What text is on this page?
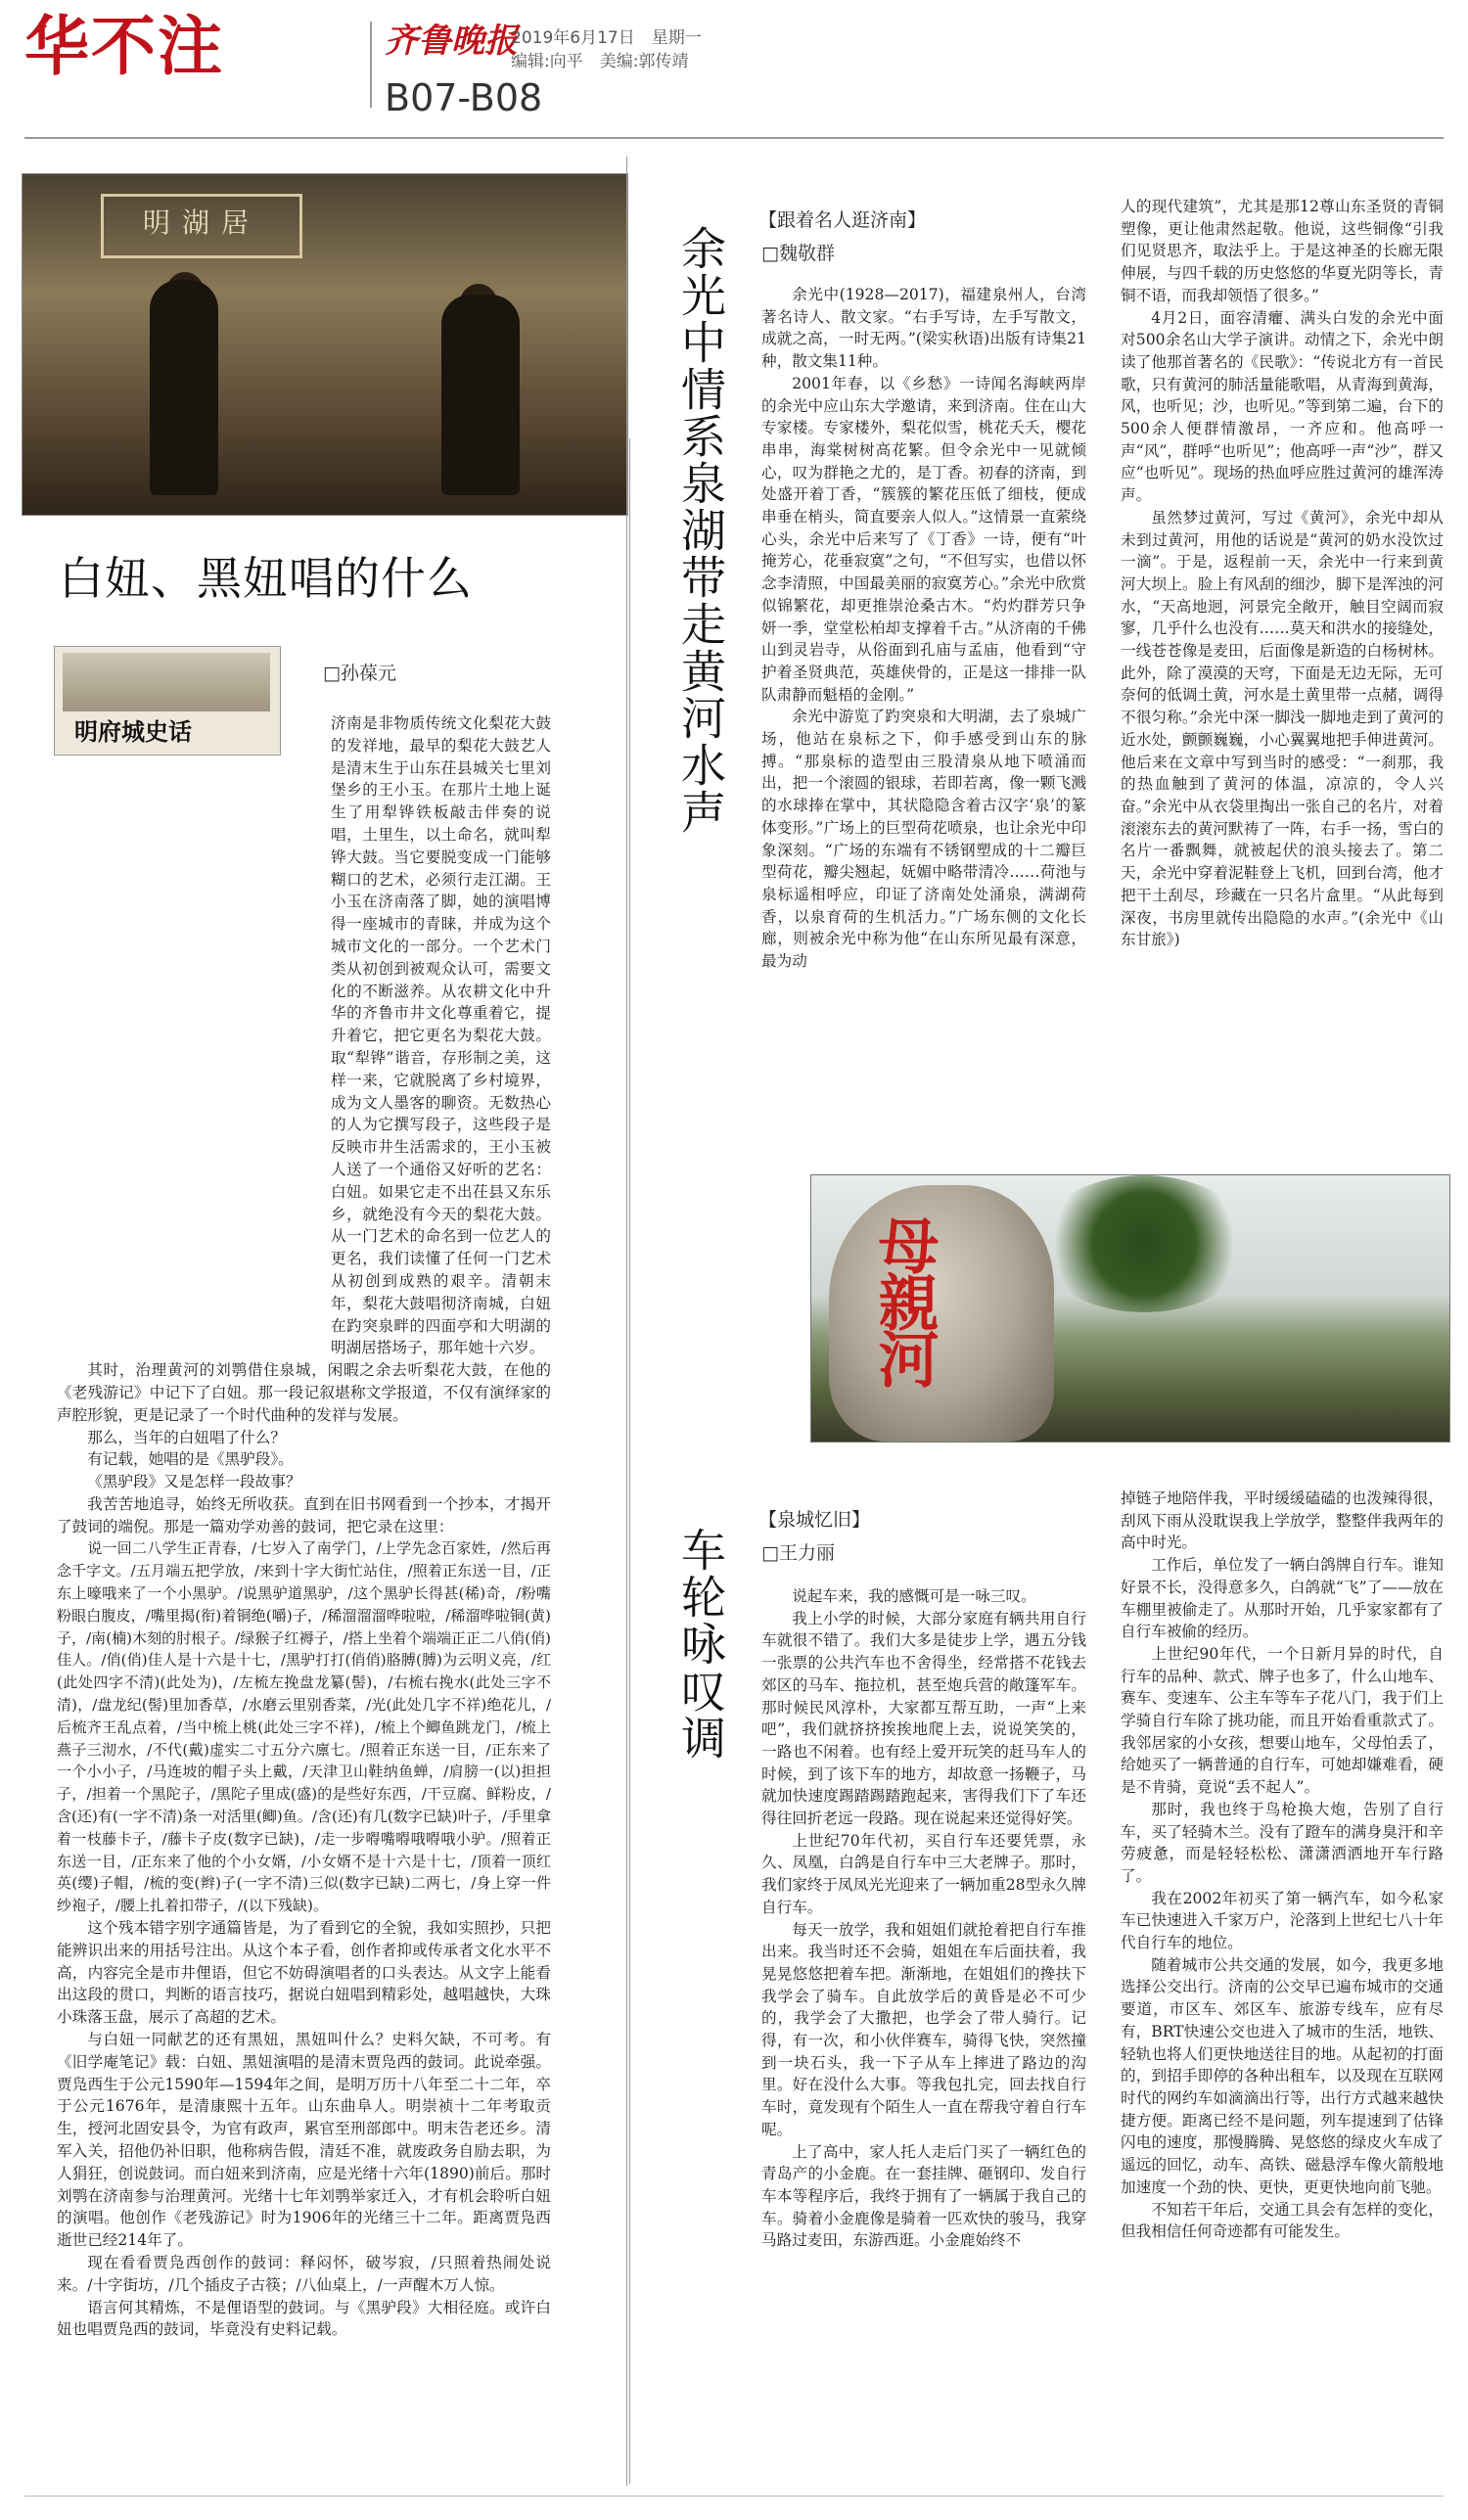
华不注	齐鲁晚报
2019年6月17日　星期一
编辑:向平　美编:郭传靖
B07-B08
明湖居
白妞、黑妞唱的什么
明府城史话
□孙葆元

济南是非物质传统文化梨花大鼓的发祥地，最早的梨花大鼓艺人是清末生于山东茌县城关七里刘堡乡的王小玉。在那片土地上诞生了用犁铧铁板敲击伴奏的说唱，土里生，以土命名，就叫犁铧大鼓。当它要脱变成一门能够糊口的艺术，必须行走江湖。王小玉在济南落了脚，她的演唱博得一座城市的青睐，并成为这个城市文化的一部分。一个艺术门类从初创到被观众认可，需要文化的不断滋养。从农耕文化中升华的齐鲁市井文化尊重着它，提升着它，把它更名为梨花大鼓。取“犁铧”谐音，存形制之美，这样一来，它就脱离了乡村境界，成为文人墨客的聊资。无数热心的人为它撰写段子，这些段子是反映市井生活需求的，王小玉被人送了一个通俗又好听的艺名：白妞。如果它走不出茌县又东乐乡，就绝没有今天的梨花大鼓。从一门艺术的命名到一位艺人的更名，我们读懂了任何一门艺术从初创到成熟的艰辛。清朝末年，梨花大鼓唱彻济南城，白妞在趵突泉畔的四面亭和大明湖的明湖居搭场子，那年她十六岁。

其时，治理黄河的刘鹗借住泉城，闲暇之余去听梨花大鼓，在他的《老残游记》中记下了白妞。那一段记叙堪称文学报道，不仅有演绎家的声腔形貌，更是记录了一个时代曲种的发祥与发展。

那么，当年的白妞唱了什么？

有记载，她唱的是《黑驴段》。

《黑驴段》又是怎样一段故事？

我苦苦地追寻，始终无所收获。直到在旧书网看到一个抄本，才揭开了鼓词的端倪。那是一篇劝学劝善的鼓词，把它录在这里：

说一回二八学生正青春，/七岁入了南学门，/上学先念百家姓，/然后再念千字文。/五月端五把学放，/来到十字大街忙站住，/照着正东送一目，/正东上嚎哦来了一个小黑驴。/说黑驴道黑驴，/这个黑驴长得甚(稀)奇，/粉嘴粉眼白腹皮，/嘴里揭(衔)着铜绝(嚼)子，/稀溜溜溜哗啦啦，/稀溜哗啦铜(黄)子，/南(楠)木刻的肘根子。/绿猴子红褥子，/搭上坐着个端端正正二八俏(俏)佳人。/俏(俏)佳人是十六是十七，/黑驴打打(俏俏)胳膊(膊)为云明义亮，/红(此处四字不清)(此处为)，/左梳左挽盘龙纂(髻)，/右梳右挽水(此处三字不清)，/盘龙纪(髻)里加香草，/水磨云里别香菜，/光(此处几字不祥)绝花儿，/后梳齐王乱点着，/当中梳上桃(此处三字不祥)，/梳上个鲫鱼跳龙门，/梳上燕子三沏水，/不代(戴)虚实二寸五分六廪七。/照着正东送一目，/正东来了一个小小子，/马连坡的帽子头上戴，/天津卫山鞋纳鱼蝉，/肩膀一(以)担担子，/担着一个黑陀子，/黑陀子里成(盛)的是些好东西，/干豆腐、鲜粉皮，/含(还)有(一字不清)条一对活里(鲫)鱼。/含(还)有几(数字已缺)叶子，/手里拿着一枝藤卡子，/藤卡子皮(数字已缺)，/走一步嘚嘴嘚哦嘚哦小驴。/照着正东送一目，/正东来了他的个小女婿，/小女婿不是十六是十七，/顶着一顶红英(缨)子帽，/梳的变(辫)子(一字不清)三似(数字已缺)二两七，/身上穿一件纱袍子，/腰上扎着扣带子，/(以下残缺)。

这个残本错字别字通篇皆是，为了看到它的全貌，我如实照抄，只把能辨识出来的用括号注出。从这个本子看，创作者抑或传承者文化水平不高，内容完全是市井俚语，但它不妨碍演唱者的口头表达。从文字上能看出这段的贯口，判断的语言技巧，据说白妞唱到精彩处，越唱越快，大珠小珠落玉盘，展示了高超的艺术。

与白妞一同献艺的还有黑妞，黑妞叫什么？史料欠缺，不可考。有《旧学庵笔记》载：白妞、黑妞演唱的是清末贾凫西的鼓词。此说牵强。贾凫西生于公元1590年—1594年之间，是明万历十八年至二十二年，卒于公元1676年，是清康熙十五年。山东曲阜人。明崇祯十二年考取贡生，授河北固安县令，为官有政声，累官至刑部郎中。明末告老还乡。清军入关，招他仍补旧职，他称病告假，清廷不准，就废政务自励去职，为人狷狂，创说鼓词。而白妞来到济南，应是光绪十六年(1890)前后。那时刘鹗在济南参与治理黄河。光绪十七年刘鹗举家迁入，才有机会聆听白妞的演唱。他创作《老残游记》时为1906年的光绪三十二年。距离贾凫西逝世已经214年了。

现在看看贾凫西创作的鼓词：释闷怀，破岑寂，/只照着热闹处说来。/十字街坊，/几个插皮子古筷；/八仙桌上，/一声醒木万人惊。

语言何其精炼，不是俚语型的鼓词。与《黑驴段》大相径庭。或许白妞也唱贾凫西的鼓词，毕竟没有史料记载。

余光中情系泉湖带走黄河水声
【跟着名人逛济南】
□魏敬群

余光中(1928—2017)，福建泉州人，台湾著名诗人、散文家。“右手写诗，左手写散文，成就之高，一时无两。”(梁实秋语)出版有诗集21种，散文集11种。

2001年春，以《乡愁》一诗闻名海峡两岸的余光中应山东大学邀请，来到济南。住在山大专家楼。专家楼外，梨花似雪，桃花夭夭，樱花串串，海棠树树高花繁。但令余光中一见就倾心，叹为群艳之尤的，是丁香。初春的济南，到处盛开着丁香，“簇簇的繁花压低了细枝，便成串垂在梢头，简直要亲人似人。”这情景一直萦绕心头，余光中后来写了《丁香》一诗，便有“叶掩芳心，花垂寂寞”之句，“不但写实，也借以怀念李清照，中国最美丽的寂寞芳心。”余光中欣赏似锦繁花，却更推崇沧桑古木。“灼灼群芳只争妍一季，堂堂松柏却支撑着千古。”从济南的千佛山到灵岩寺，从俗面到孔庙与孟庙，他看到“守护着圣贤典范，英雄侠骨的，正是这一排排一队队肃静而魁梧的金刚。”

余光中游览了趵突泉和大明湖，去了泉城广场，他站在泉标之下，仰手感受到山东的脉搏。“那泉标的造型由三股清泉从地下喷涌而出，把一个滚圆的银球，若即若离，像一颗飞溅的水球捧在掌中，其状隐隐含着古汉字‘泉’的篆体变形。”广场上的巨型荷花喷泉，也让余光中印象深刻。“广场的东端有不锈钢塑成的十二瓣巨型荷花，瓣尖翘起，妩媚中略带清冷……荷池与泉标遥相呼应，印证了济南处处涌泉，满湖荷香，以泉育荷的生机活力。”广场东侧的文化长廊，则被余光中称为他“在山东所见最有深意，最为动

人的现代建筑”，尤其是那12尊山东圣贤的青铜塑像，更让他肃然起敬。他说，这些铜像“引我们见贤思齐，取法乎上。于是这神圣的长廊无限伸展，与四千载的历史悠悠的华夏光阴等长，青铜不语，而我却领悟了很多。”

4月2日，面容清癯、满头白发的余光中面对500余名山大学子演讲。动情之下，余光中朗读了他那首著名的《民歌》：“传说北方有一首民歌，只有黄河的肺活量能歌唱，从青海到黄海，风，也听见；沙，也听见。”等到第二遍，台下的500余人便群情激昂，一齐应和。他高呼一声“风”，群呼“也听见”；他高呼一声“沙”，群又应“也听见”。现场的热血呼应胜过黄河的雄浑涛声。

虽然梦过黄河，写过《黄河》，余光中却从未到过黄河，用他的话说是“黄河的奶水没饮过一滴”。于是，返程前一天，余光中一行来到黄河大坝上。脸上有风刮的细沙，脚下是浑浊的河水，“天高地迥，河景完全敞开，触目空阔而寂寥，几乎什么也没有……莫天和洪水的接缝处，一线苍苍像是麦田，后面像是新造的白杨树林。此外，除了漠漠的天穹，下面是无边无际，无可奈何的低调土黄，河水是土黄里带一点赭，调得不很匀称。”余光中深一脚浅一脚地走到了黄河的近水处，颤颤巍巍，小心翼翼地把手伸进黄河。他后来在文章中写到当时的感受：“一刹那，我的热血触到了黄河的体温，凉凉的，令人兴奋。”余光中从衣袋里掏出一张自己的名片，对着滚滚东去的黄河默祷了一阵，右手一扬，雪白的名片一番飘舞，就被起伏的浪头接去了。第二天，余光中穿着泥鞋登上飞机，回到台湾，他才把干土刮尽，珍藏在一只名片盒里。“从此每到深夜，书房里就传出隐隐的水声。”(余光中《山东甘旅》)

母親河
车轮咏叹调
【泉城忆旧】
□王力丽

说起车来，我的感慨可是一咏三叹。

我上小学的时候，大部分家庭有辆共用自行车就很不错了。我们大多是徒步上学，遇五分钱一张票的公共汽车也不舍得坐，经常搭不花钱去郊区的马车、拖拉机，甚至炮兵营的敞篷军车。那时候民风淳朴，大家都互帮互助，一声“上来吧”，我们就挤挤挨挨地爬上去，说说笑笑的，一路也不闲着。也有经上爱开玩笑的赶马车人的时候，到了该下车的地方，却故意一扬鞭子，马就加快速度踢踏踢踏跑起来，害得我们下了车还得往回折老远一段路。现在说起来还觉得好笑。

上世纪70年代初，买自行车还要凭票，永久、凤凰，白鸽是自行车中三大老牌子。那时，我们家终于凤凤光光迎来了一辆加重28型永久牌自行车。

每天一放学，我和姐姐们就抢着把自行车推出来。我当时还不会骑，姐姐在车后面扶着，我晃晃悠悠把着车把。渐渐地，在姐姐们的搀扶下我学会了骑车。自此放学后的黄昏是必不可少的，我学会了大撒把，也学会了带人骑行。记得，有一次，和小伙伴赛车，骑得飞快，突然撞到一块石头，我一下子从车上摔进了路边的沟里。好在没什么大事。等我包扎完，回去找自行车时，竟发现有个陌生人一直在帮我守着自行车呢。

上了高中，家人托人走后门买了一辆红色的青岛产的小金鹿。在一套挂牌、砸钢印、发自行车本等程序后，我终于拥有了一辆属于我自己的车。骑着小金鹿像是骑着一匹欢快的骏马，我穿马路过麦田，东游西逛。小金鹿始终不

掉链子地陪伴我，平时缓缓磕磕的也泼辣得很，刮风下雨从没耽误我上学放学，整整伴我两年的高中时光。

工作后，单位发了一辆白鸽牌自行车。谁知好景不长，没得意多久，白鸽就“飞”了——放在车棚里被偷走了。从那时开始，几乎家家都有了自行车被偷的经历。

上世纪90年代，一个日新月异的时代，自行车的品种、款式、牌子也多了，什么山地车、赛车、变速车、公主车等车子花八门，我于们上学骑自行车除了挑功能，而且开始看重款式了。我邻居家的小女孩，想要山地车，父母怕丢了，给她买了一辆普通的自行车，可她却嫌难看，硬是不肯骑，竟说“丢不起人”。

那时，我也终于鸟枪换大炮，告别了自行车，买了轻骑木兰。没有了蹬车的满身臭汗和辛劳疲惫，而是轻轻松松、潇潇洒洒地开车行路了。

我在2002年初买了第一辆汽车，如今私家车已快速进入千家万户，沦落到上世纪七八十年代自行车的地位。

随着城市公共交通的发展，如今，我更多地选择公交出行。济南的公交早已遍布城市的交通要道，市区车、郊区车、旅游专线车，应有尽有，BRT快速公交也进入了城市的生活，地铁、轻轨也将人们更快地送往目的地。从起初的打面的，到招手即停的各种出租车，以及现在互联网时代的网约车如滴滴出行等，出行方式越来越快捷方便。距离已经不是问题，列车提速到了估锋闪电的速度，那慢腾腾、晃悠悠的绿皮火车成了遥远的回忆，动车、高铁、磁悬浮车像火箭般地加速度一个劲的快、更快，更更快地向前飞驰。

不知若干年后，交通工具会有怎样的变化，但我相信任何奇迹都有可能发生。
